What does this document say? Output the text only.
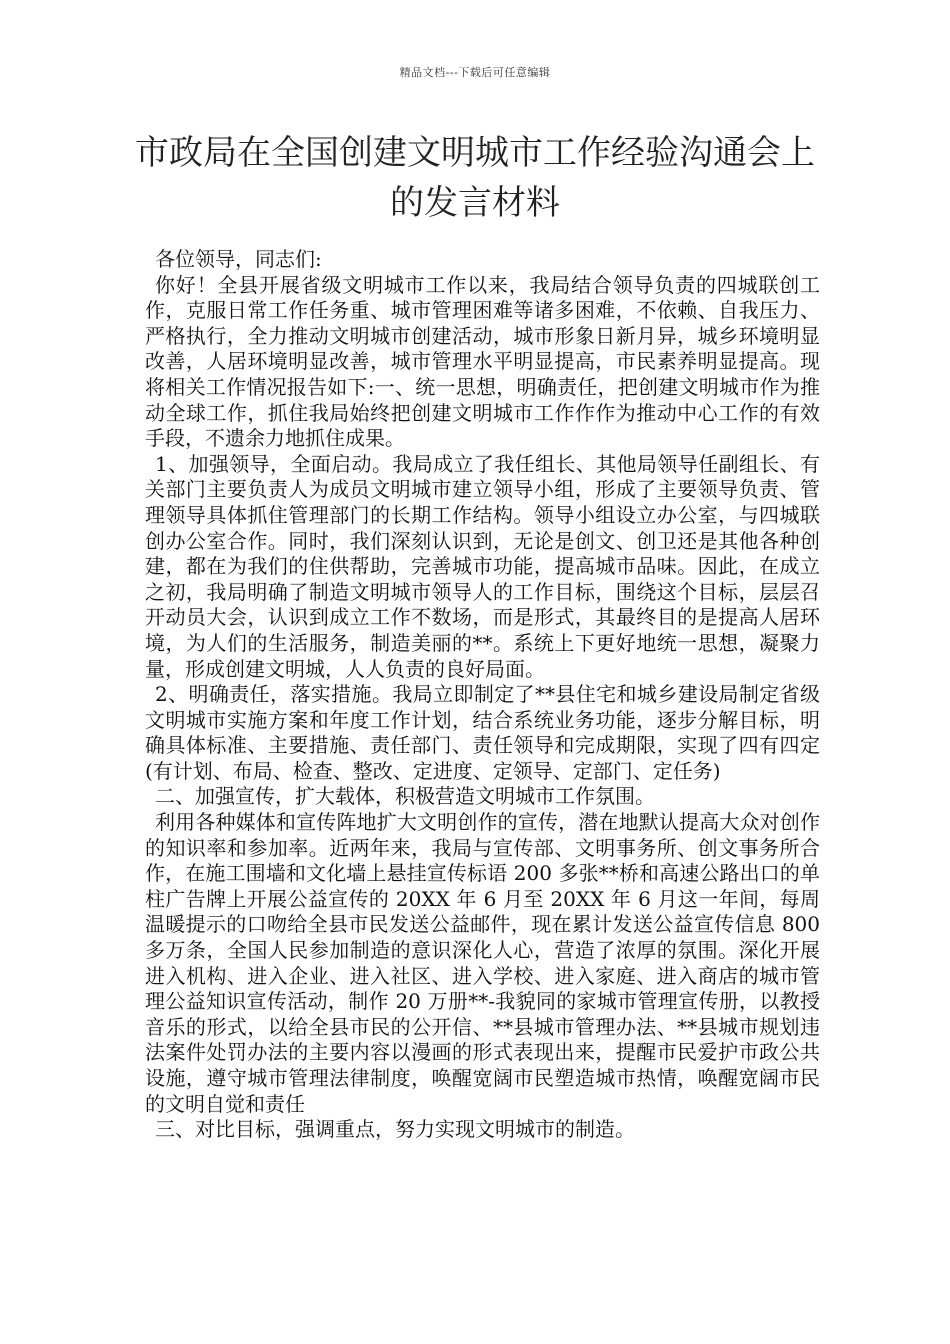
精品文档---下载后可任意编辑
市政局在全国创建文明城市工作经验沟通会上的发言材料

各位领导，同志们:

你好！全县开展省级文明城市工作以来，我局结合领导负责的四城联创工作，克服日常工作任务重、城市管理困难等诸多困难，不依赖、自我压力、严格执行，全力推动文明城市创建活动，城市形象日新月异，城乡环境明显改善，人居环境明显改善，城市管理水平明显提高，市民素养明显提高。现将相关工作情况报告如下:一、统一思想，明确责任，把创建文明城市作为推动全球工作，抓住我局始终把创建文明城市工作作作为推动中心工作的有效手段，不遗余力地抓住成果。

1、加强领导，全面启动。我局成立了我任组长、其他局领导任副组长、有关部门主要负责人为成员文明城市建立领导小组，形成了主要领导负责、管理领导具体抓住管理部门的长期工作结构。领导小组设立办公室，与四城联创办公室合作。同时，我们深刻认识到，无论是创文、创卫还是其他各种创建，都在为我们的住供帮助，完善城市功能，提高城市品味。因此，在成立之初，我局明确了制造文明城市领导人的工作目标，围绕这个目标，层层召开动员大会，认识到成立工作不数场，而是形式，其最终目的是提高人居环境，为人们的生活服务，制造美丽的**。系统上下更好地统一思想，凝聚力量，形成创建文明城，人人负责的良好局面。

2、明确责任，落实措施。我局立即制定了**县住宅和城乡建设局制定省级文明城市实施方案和年度工作计划，结合系统业务功能，逐步分解目标，明确具体标准、主要措施、责任部门、责任领导和完成期限，实现了四有四定(有计划、布局、检查、整改、定进度、定领导、定部门、定任务)

二、加强宣传，扩大载体，积极营造文明城市工作氛围。

利用各种媒体和宣传阵地扩大文明创作的宣传，潜在地默认提高大众对创作的知识率和参加率。近两年来，我局与宣传部、文明事务所、创文事务所合作，在施工围墙和文化墙上悬挂宣传标语 200 多张**桥和高速公路出口的单柱广告牌上开展公益宣传的 20XX 年 6 月至 20XX 年 6 月这一年间，每周温暖提示的口吻给全县市民发送公益邮件，现在累计发送公益宣传信息 800 多万条，全国人民参加制造的意识深化人心，营造了浓厚的氛围。深化开展进入机构、进入企业、进入社区、进入学校、进入家庭、进入商店的城市管理公益知识宣传活动，制作 20 万册**-我貌同的家城市管理宣传册，以教授音乐的形式，以给全县市民的公开信、**县城市管理办法、**县城市规划违法案件处罚办法的主要内容以漫画的形式表现出来，提醒市民爱护市政公共设施，遵守城市管理法律制度，唤醒宽阔市民塑造城市热情，唤醒宽阔市民的文明自觉和责任

三、对比目标，强调重点，努力实现文明城市的制造。
